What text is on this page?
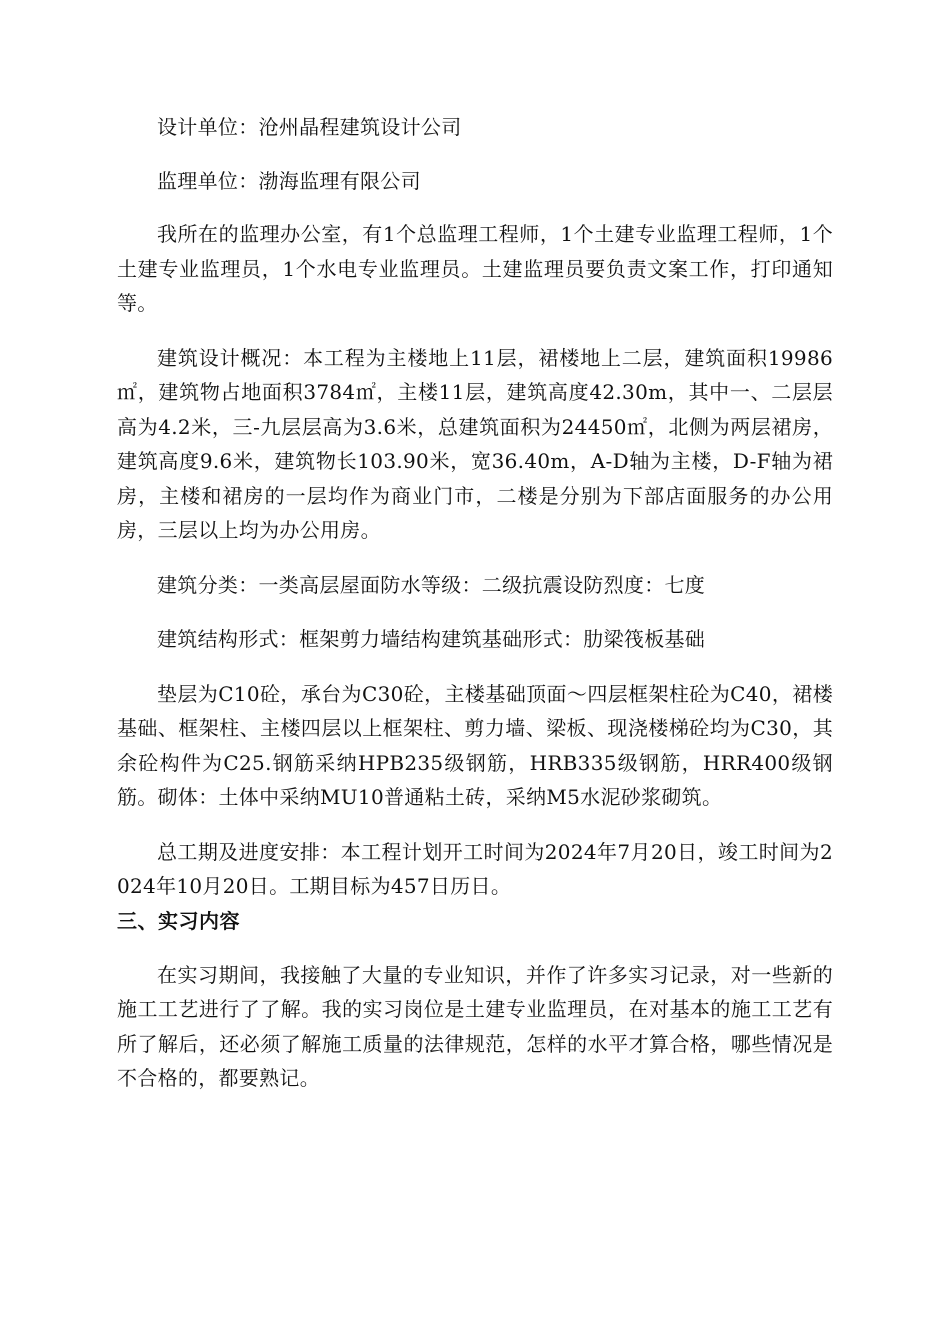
设计单位：沧州晶程建筑设计公司

监理单位：渤海监理有限公司

我所在的监理办公室，有1个总监理工程师，1个土建专业监理工程师，1个土建专业监理员，1个水电专业监理员。土建监理员要负责文案工作，打印通知等。

建筑设计概况：本工程为主楼地上11层，裙楼地上二层，建筑面积19986㎡，建筑物占地面积3784㎡，主楼11层，建筑高度42.30m，其中一、二层层高为4.2米，三-九层层高为3.6米，总建筑面积为24450㎡，北侧为两层裙房，建筑高度9.6米，建筑物长103.90米，宽36.40m，A-D轴为主楼，D-F轴为裙房，主楼和裙房的一层均作为商业门市，二楼是分别为下部店面服务的办公用房，三层以上均为办公用房。

建筑分类：一类高层屋面防水等级：二级抗震设防烈度：七度

建筑结构形式：框架剪力墙结构建筑基础形式：肋梁筏板基础

垫层为C10砼，承台为C30砼，主楼基础顶面～四层框架柱砼为C40，裙楼基础、框架柱、主楼四层以上框架柱、剪力墙、梁板、现浇楼梯砼均为C30，其余砼构件为C25.钢筋采纳HPB235级钢筋，HRB335级钢筋，HRR400级钢筋。砌体：土体中采纳MU10普通粘土砖，采纳M5水泥砂浆砌筑。

总工期及进度安排：本工程计划开工时间为2024年7月20日，竣工时间为2024年10月20日。工期目标为457日历日。

三、实习内容

在实习期间，我接触了大量的专业知识，并作了许多实习记录，对一些新的施工工艺进行了了解。我的实习岗位是土建专业监理员，在对基本的施工工艺有所了解后，还必须了解施工质量的法律规范，怎样的水平才算合格，哪些情况是不合格的，都要熟记。
